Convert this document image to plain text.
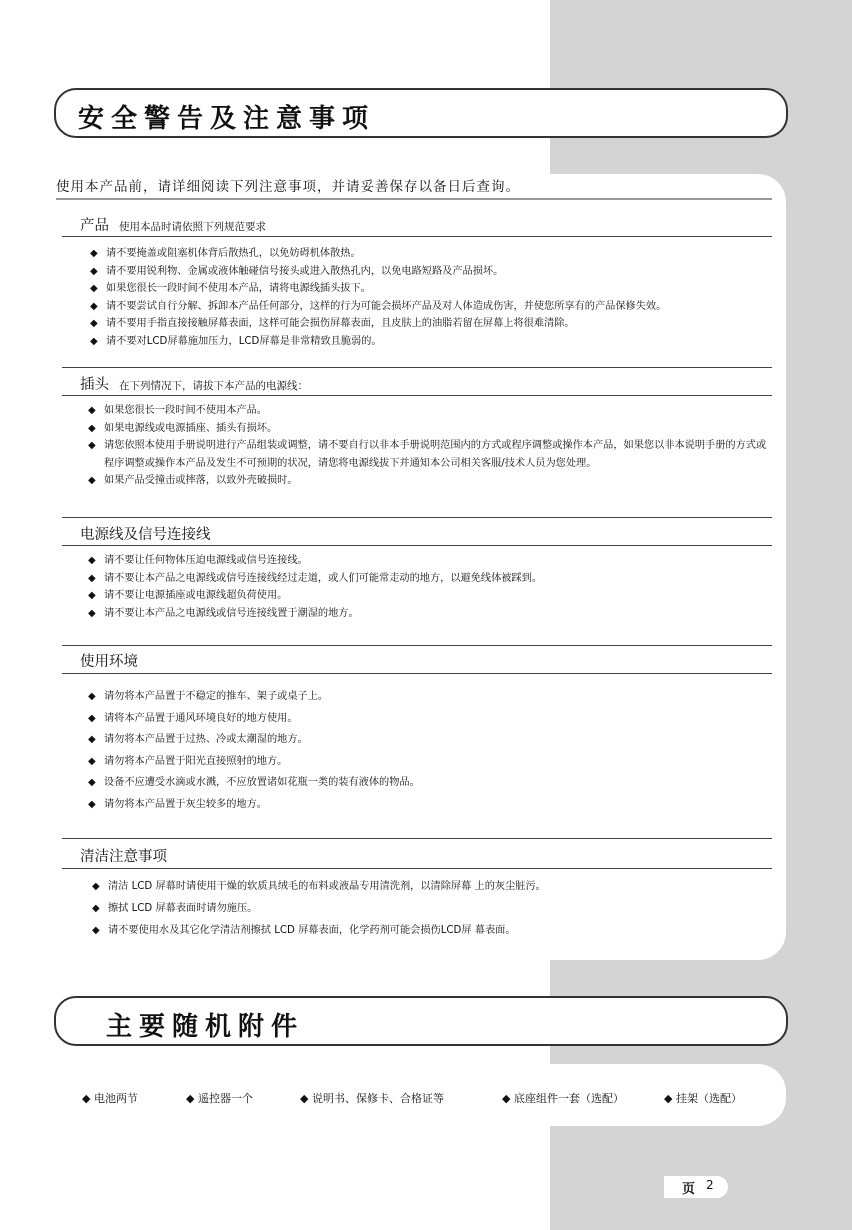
安全警告及注意事项
使用本产品前，请详细阅读下列注意事项，并请妥善保存以备日后查询。
产品 使用本品时请依照下列规范要求
◆ 请不要掩盖或阻塞机体背后散热孔，以免妨碍机体散热。
◆ 请不要用锐利物、金属或液体触碰信号接头或进入散热孔内，以免电路短路及产品损坏。
◆ 如果您很长一段时间不使用本产品，请将电源线插头拔下。
◆ 请不要尝试自行分解、拆卸本产品任何部分，这样的行为可能会损坏产品及对人体造成伤害，并使您所享有的产品保修失效。
◆ 请不要用手指直接接触屏幕表面，这样可能会损伤屏幕表面，且皮肤上的油脂若留在屏幕上将很难清除。
◆ 请不要对LCD屏幕施加压力，LCD屏幕是非常精致且脆弱的。
插头 在下列情况下，请拔下本产品的电源线：
◆ 如果您很长一段时间不使用本产品。
◆ 如果电源线或电源插座、插头有损坏。
◆ 请您依照本使用手册说明进行产品组装或调整，请不要自行以非本手册说明范围内的方式或程序调整或操作本产品，如果您以非本说明手册的方式或程序调整或操作本产品及发生不可预期的状况，请您将电源线拔下并通知本公司相关客服/技术人员为您处理。
◆ 如果产品受撞击或摔落，以致外壳破损时。
电源线及信号连接线
◆ 请不要让任何物体压迫电源线或信号连接线。
◆ 请不要让本产品之电源线或信号连接线经过走道，或人们可能常走动的地方，以避免线体被踩到。
◆ 请不要让电源插座或电源线超负荷使用。
◆ 请不要让本产品之电源线或信号连接线置于潮湿的地方。
使用环境
◆ 请勿将本产品置于不稳定的推车、架子或桌子上。
◆ 请将本产品置于通风环境良好的地方使用。
◆ 请勿将本产品置于过热、冷或太潮湿的地方。
◆ 请勿将本产品置于阳光直接照射的地方。
◆ 设备不应遭受水滴或水溅，不应放置诸如花瓶一类的装有液体的物品。
◆ 请勿将本产品置于灰尘较多的地方。
清洁注意事项
◆ 清洁 LCD 屏幕时请使用干燥的软质具绒毛的布料或液晶专用清洗剂，以清除屏幕 上的灰尘脏污。
◆ 擦拭 LCD 屏幕表面时请勿施压。
◆ 请不要使用水及其它化学清洁剂擦拭 LCD 屏幕表面，化学药剂可能会损伤LCD屏 幕表面。
主要随机附件
◆ 电池两节	◆ 遥控器一个	◆ 说明书、保修卡、合格证等	◆ 底座组件一套（选配）	◆ 挂架（选配）
页 2
